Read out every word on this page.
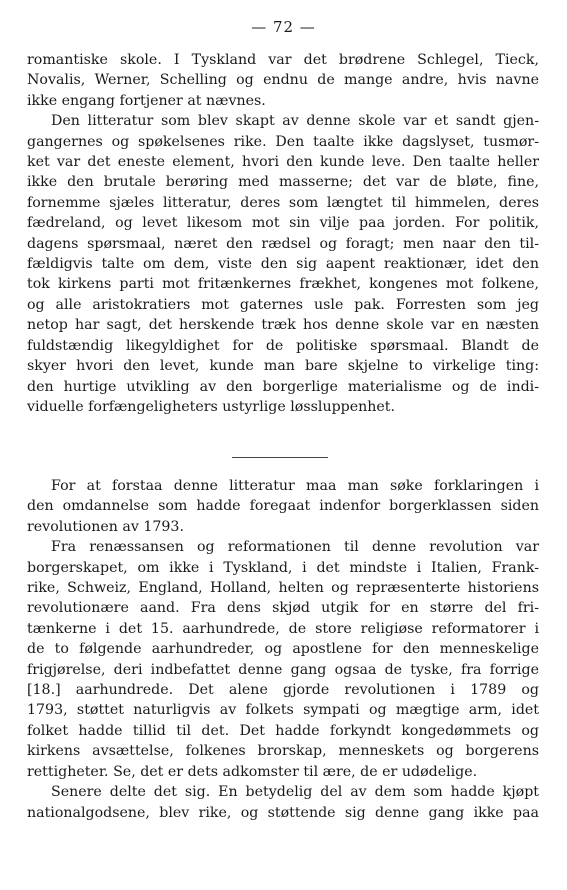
— 72 —

romantiske skole. I Tyskland var det brødrene Schlegel, Tieck,
Novalis, Werner, Schelling og endnu de mange andre, hvis navne
ikke engang fortjener at nævnes.

Den litteratur som blev skapt av denne skole var et sandt gjen-
gangernes og spøkelsenes rike. Den taalte ikke dagslyset, tusmør-
ket var det eneste element, hvori den kunde leve. Den taalte heller
ikke den brutale berøring med masserne; det var de bløte, fine,
fornemme sjæles litteratur, deres som længtet til himmelen, deres
fædreland, og levet likesom mot sin vilje paa jorden. For politik,
dagens spørsmaal, næret den rædsel og foragt; men naar den til-
fældigvis talte om dem, viste den sig aapent reaktionær, idet den
tok kirkens parti mot fritænkernes frækhet, kongenes mot folkene,
og alle aristokratiers mot gaternes usle pak. Forresten som jeg
netop har sagt, det herskende træk hos denne skole var en næsten
fuldstændig likegyldighet for de politiske spørsmaal. Blandt de
skyer hvori den levet, kunde man bare skjelne to virkelige ting:
den hurtige utvikling av den borgerlige materialisme og de indi-
viduelle forfængeligheters ustyrlige løssluppenhet.

For at forstaa denne litteratur maa man søke forklaringen i
den omdannelse som hadde foregaat indenfor borgerklassen siden
revolutionen av 1793.

Fra renæssansen og reformationen til denne revolution var
borgerskapet, om ikke i Tyskland, i det mindste i Italien, Frank-
rike, Schweiz, England, Holland, helten og repræsenterte historiens
revolutionære aand. Fra dens skjød utgik for en større del fri-
tænkerne i det 15. aarhundrede, de store religiøse reformatorer i
de to følgende aarhundreder, og apostlene for den menneskelige
frigjørelse, deri indbefattet denne gang ogsaa de tyske, fra forrige
[18.] aarhundrede. Det alene gjorde revolutionen i 1789 og
1793, støttet naturligvis av folkets sympati og mægtige arm, idet
folket hadde tillid til det. Det hadde forkyndt kongedømmets og
kirkens avsættelse, folkenes brorskap, menneskets og borgerens
rettigheter. Se, det er dets adkomster til ære, de er udødelige.

Senere delte det sig. En betydelig del av dem som hadde kjøpt
nationalgodsene, blev rike, og støttende sig denne gang ikke paa
